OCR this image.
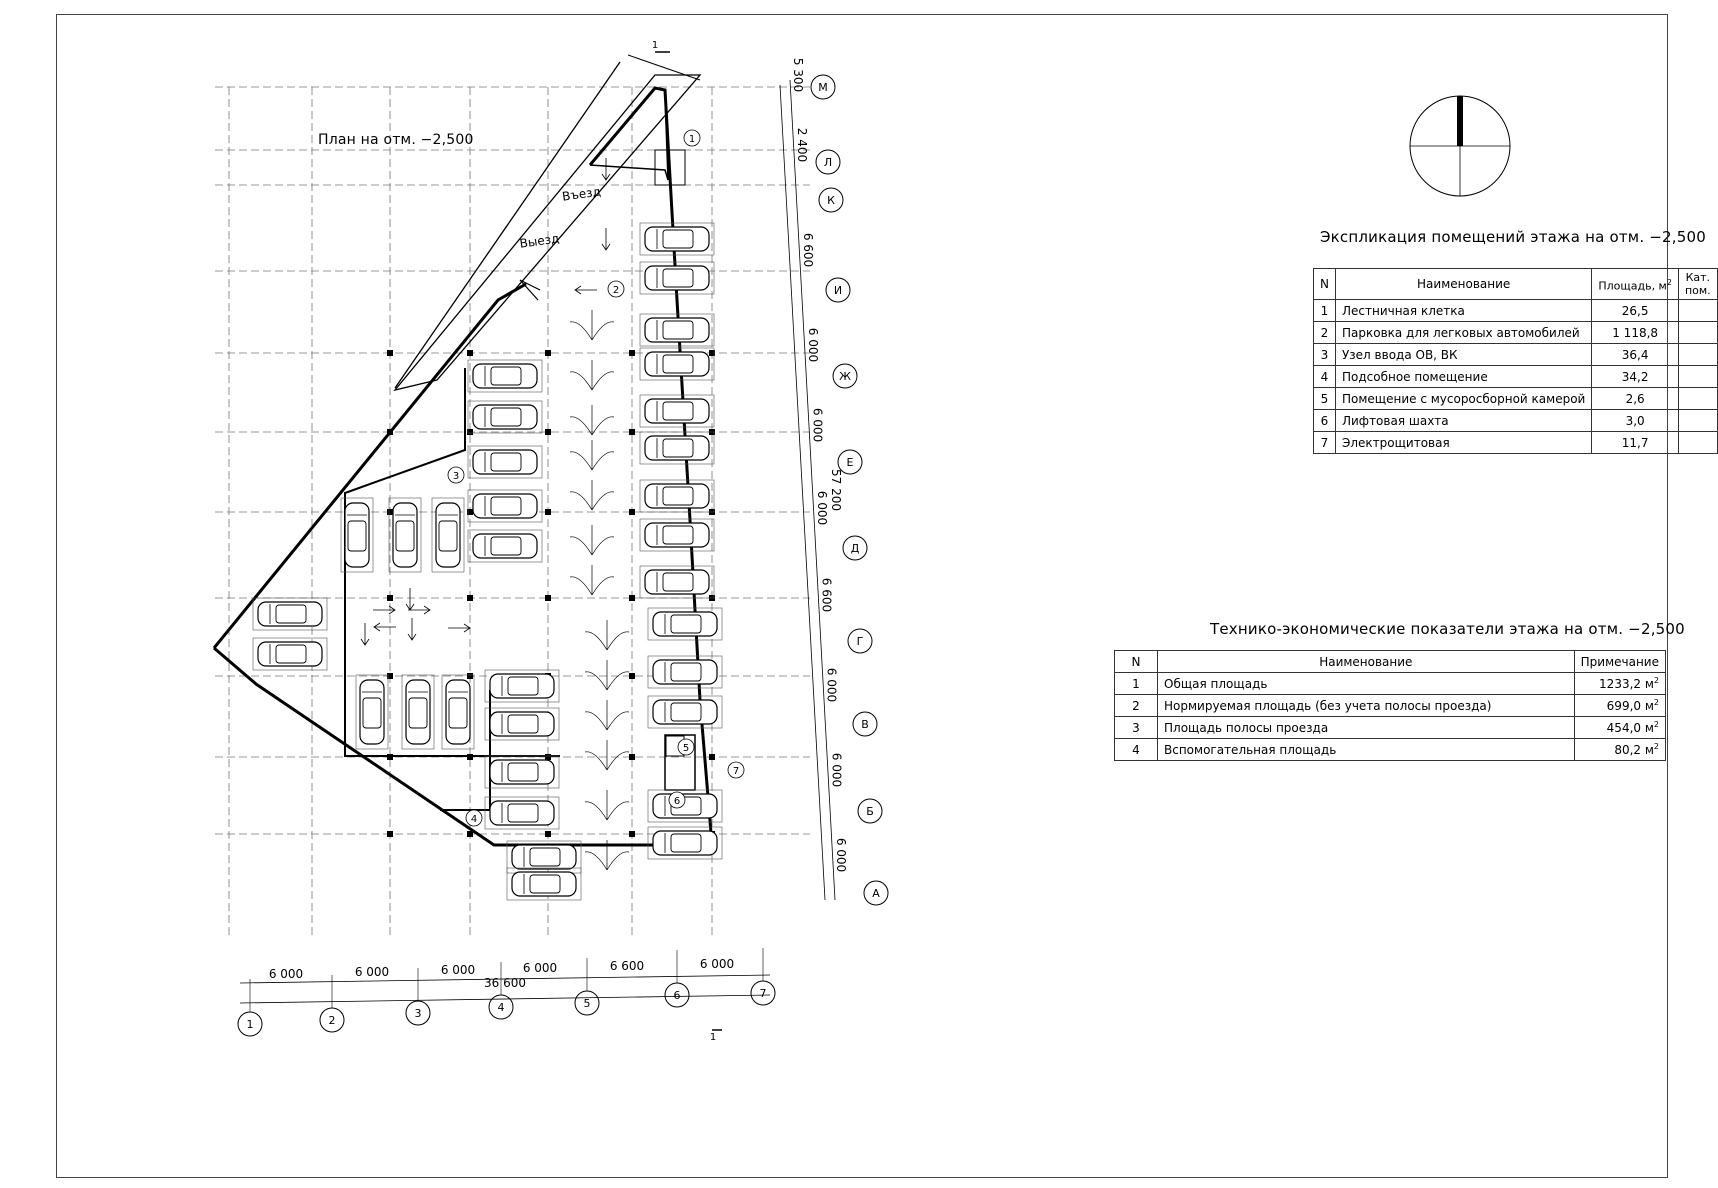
1	2
3	4	5
6	7
М
Л
К
И
Ж
Е
Д
Г
В
Б
А
6 000	6 000	6 000	6 000	6 600	6 000
36 600
5 300
2 400
6 600
6 000
6 000
6 000
6 600
6 000
6 000
6 000
57 200
Въезд
Выезд
1
1
1
2
3
4
5
6
7
План на отм. −2,500
Экспликация помещений этажа на отм. −2,500
N	Наименование	Площадь, $м^2$	Кат. пом.
1	Лестничная клетка	26,5	
2	Парковка для легковых автомобилей	1 118,8	
3	Узел ввода ОВ, ВК	36,4	
4	Подсобное помещение	34,2	
5	Помещение с мусоросборной камерой	2,6	
6	Лифтовая шахта	3,0	
7	Электрощитовая	11,7	
Технико-экономические показатели этажа на отм. −2,500
N	Наименование	Примечание
1	Общая площадь	1233,2 $м^2$
2	Нормируемая площадь (без учета полосы проезда)	699,0 $м^2$
3	Площадь полосы проезда	454,0 $м^2$
4	Вспомогательная площадь	80,2 $м^2$
